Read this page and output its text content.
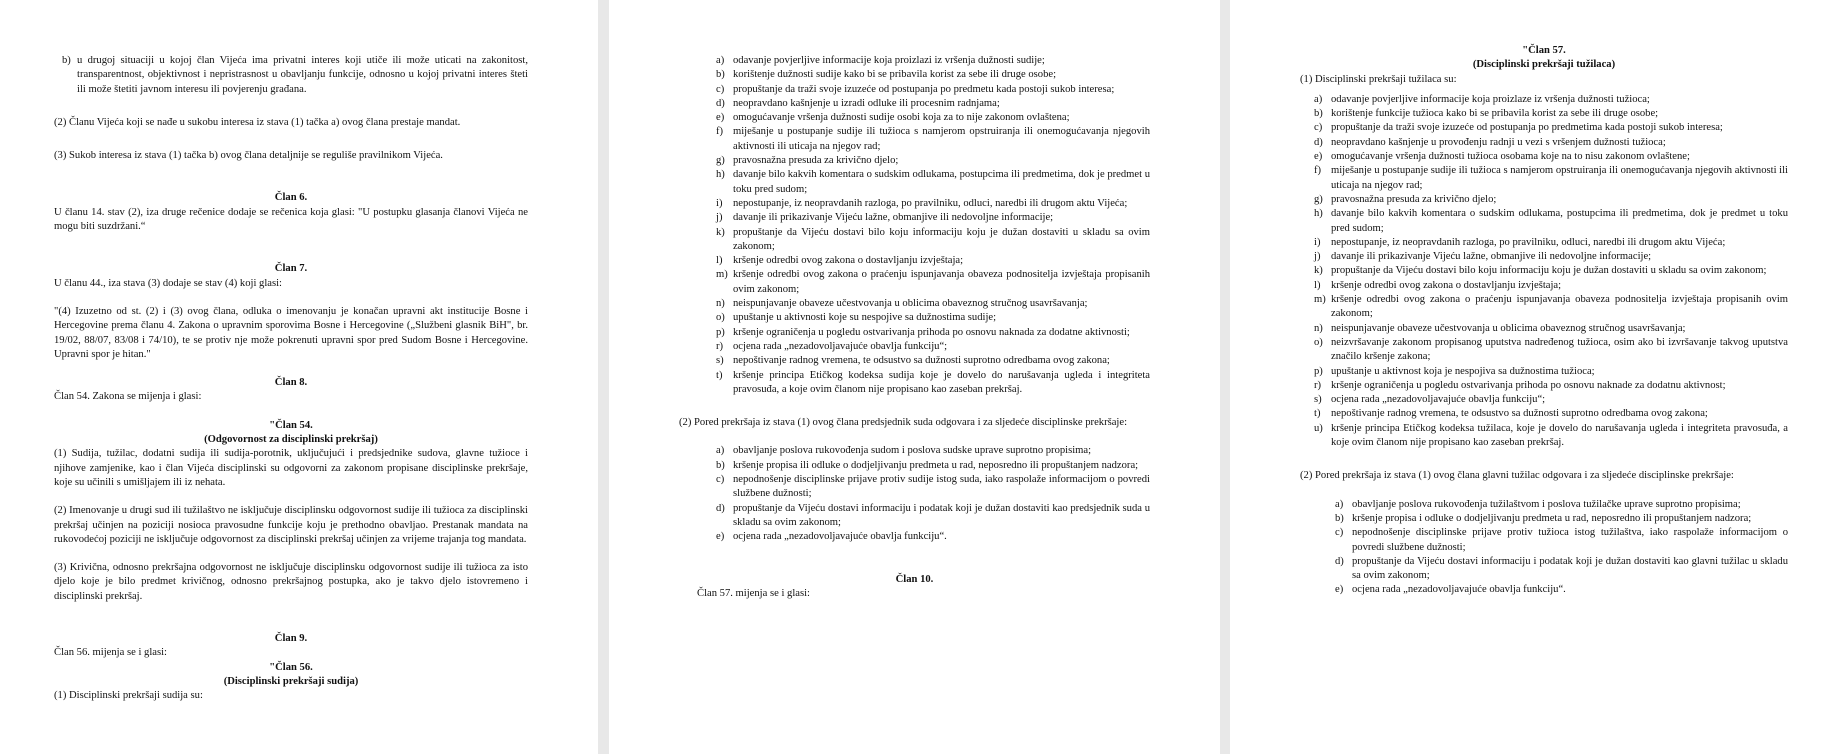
b) u drugoj situaciji u kojoj član Vijeća ima privatni interes koji utiče ili može uticati na zakonitost, transparentnost, objektivnost i nepristrasnost u obavljanju funkcije, odnosno u kojoj privatni interes šteti ili može štetiti javnom interesu ili povjerenju građana.

(2) Članu Vijeća koji se nađe u sukobu interesa iz stava (1) tačka a) ovog člana prestaje mandat.

(3) Sukob interesa iz stava (1) tačka b) ovog člana detaljnije se reguliše pravilnikom Vijeća.

Član 6.

U članu 14. stav (2), iza druge rečenice dodaje se rečenica koja glasi: "U postupku glasanja članovi Vijeća ne mogu biti suzdržani.“

Član 7.

U članu 44., iza stava (3) dodaje se stav (4) koji glasi:

"(4) Izuzetno od st. (2) i (3) ovog člana, odluka o imenovanju je konačan upravni akt institucije Bosne i Hercegovine prema članu 4. Zakona o upravnim sporovima Bosne i Hercegovine („Službeni glasnik BiH", br. 19/02, 88/07, 83/08 i 74/10), te se protiv nje može pokrenuti upravni spor pred Sudom Bosne i Hercegovine. Upravni spor je hitan."

Član 8.

Član 54. Zakona se mijenja i glasi:

"Član 54.

(Odgovornost za disciplinski prekršaj)

(1) Sudija, tužilac, dodatni sudija ili sudija-porotnik, uključujući i predsjednike sudova, glavne tužioce i njihove zamjenike, kao i član Vijeća disciplinski su odgovorni za zakonom propisane disciplinske prekršaje, koje su učinili s umišljajem ili iz nehata.

(2) Imenovanje u drugi sud ili tužilaštvo ne isključuje disciplinsku odgovornost sudije ili tužioca za disciplinski prekršaj učinjen na poziciji nosioca pravosudne funkcije koju je prethodno obavljao. Prestanak mandata na rukovodećoj poziciji ne isključuje odgovornost za disciplinski prekršaj učinjen za vrijeme trajanja tog mandata.

(3) Krivična, odnosno prekršajna odgovornost ne isključuje disciplinsku odgovornost sudije ili tužioca za isto djelo koje je bilo predmet krivičnog, odnosno prekršajnog postupka, ako je takvo djelo istovremeno i disciplinski prekršaj.

Član 9.

Član 56. mijenja se i glasi:

"Član 56.

(Disciplinski prekršaji sudija)

(1) Disciplinski prekršaji sudija su:

a) odavanje povjerljive informacije koja proizlazi iz vršenja dužnosti sudije;
b) korištenje dužnosti sudije kako bi se pribavila korist za sebe ili druge osobe;
c) propuštanje da traži svoje izuzeće od postupanja po predmetu kada postoji sukob interesa;
d) neopravdano kašnjenje u izradi odluke ili procesnim radnjama;
e) omogućavanje vršenja dužnosti sudije osobi koja za to nije zakonom ovlaštena;
f) miješanje u postupanje sudije ili tužioca s namjerom opstruiranja ili onemogućavanja njegovih aktivnosti ili uticaja na njegov rad;
g) pravosnažna presuda za krivično djelo;
h) davanje bilo kakvih komentara o sudskim odlukama, postupcima ili predmetima, dok je predmet u toku pred sudom;
i) nepostupanje, iz neopravdanih razloga, po pravilniku, odluci, naredbi ili drugom aktu Vijeća;
j) davanje ili prikazivanje Vijeću lažne, obmanjive ili nedovoljne informacije;
k) propuštanje da Vijeću dostavi bilo koju informaciju koju je dužan dostaviti u skladu sa ovim zakonom;
l) kršenje odredbi ovog zakona o dostavljanju izvještaja;
m) kršenje odredbi ovog zakona o praćenju ispunjavanja obaveza podnositelja izvještaja propisanih ovim zakonom;
n) neispunjavanje obaveze učestvovanja u oblicima obaveznog stručnog usavršavanja;
o) upuštanje u aktivnosti koje su nespojive sa dužnostima sudije;
p) kršenje ograničenja u pogledu ostvarivanja prihoda po osnovu naknada za dodatne aktivnosti;
r) ocjena rada „nezadovoljavajuće obavlja funkciju“;
s) nepoštivanje radnog vremena, te odsustvo sa dužnosti suprotno odredbama ovog zakona;
t) kršenje principa Etičkog kodeksa sudija koje je dovelo do narušavanja ugleda i integriteta pravosuđa, a koje ovim članom nije propisano kao zaseban prekršaj.

(2) Pored prekršaja iz stava (1) ovog člana predsjednik suda odgovara i za sljedeće disciplinske prekršaje:

a) obavljanje poslova rukovođenja sudom i poslova sudske uprave suprotno propisima;
b) kršenje propisa ili odluke o dodjeljivanju predmeta u rad, neposredno ili propuštanjem nadzora;
c) nepodnošenje disciplinske prijave protiv sudije istog suda, iako raspolaže informacijom o povredi službene dužnosti;
d) propuštanje da Vijeću dostavi informaciju i podatak koji je dužan dostaviti kao predsjednik suda u skladu sa ovim zakonom;
e) ocjena rada „nezadovoljavajuće obavlja funkciju“.

Član 10.

Član 57. mijenja se i glasi:

"Član 57.

(Disciplinski prekršaji tužilaca)

(1) Disciplinski prekršaji tužilaca su:

a) odavanje povjerljive informacije koja proizlaze iz vršenja dužnosti tužioca;
b) korištenje funkcije tužioca kako bi se pribavila korist za sebe ili druge osobe;
c) propuštanje da traži svoje izuzeće od postupanja po predmetima kada postoji sukob interesa;
d) neopravdano kašnjenje u provođenju radnji u vezi s vršenjem dužnosti tužioca;
e) omogućavanje vršenja dužnosti tužioca osobama koje na to nisu zakonom ovlaštene;
f) miješanje u postupanje sudije ili tužioca s namjerom opstruiranja ili onemogućavanja njegovih aktivnosti ili uticaja na njegov rad;
g) pravosnažna presuda za krivično djelo;
h) davanje bilo kakvih komentara o sudskim odlukama, postupcima ili predmetima, dok je predmet u toku pred sudom;
i) nepostupanje, iz neopravdanih razloga, po pravilniku, odluci, naredbi ili drugom aktu Vijeća;
j) davanje ili prikazivanje Vijeću lažne, obmanjive ili nedovoljne informacije;
k) propuštanje da Vijeću dostavi bilo koju informaciju koju je dužan dostaviti u skladu sa ovim zakonom;
l) kršenje odredbi ovog zakona o dostavljanju izvještaja;
m) kršenje odredbi ovog zakona o praćenju ispunjavanja obaveza podnositelja izvještaja propisanih ovim zakonom;
n) neispunjavanje obaveze učestvovanja u oblicima obaveznog stručnog usavršavanja;
o) neizvršavanje zakonom propisanog uputstva nadređenog tužioca, osim ako bi izvršavanje takvog uputstva značilo kršenje zakona;
p) upuštanje u aktivnost koja je nespojiva sa dužnostima tužioca;
r) kršenje ograničenja u pogledu ostvarivanja prihoda po osnovu naknade za dodatnu aktivnost;
s) ocjena rada „nezadovoljavajuće obavlja funkciju“;
t) nepoštivanje radnog vremena, te odsustvo sa dužnosti suprotno odredbama ovog zakona;
u) kršenje principa Etičkog kodeksa tužilaca, koje je dovelo do narušavanja ugleda i integriteta pravosuđa, a koje ovim članom nije propisano kao zaseban prekršaj.

(2) Pored prekršaja iz stava (1) ovog člana glavni tužilac odgovara i za sljedeće disciplinske prekršaje:

a) obavljanje poslova rukovođenja tužilaštvom i poslova tužilačke uprave suprotno propisima;
b) kršenje propisa i odluke o dodjeljivanju predmeta u rad, neposredno ili propuštanjem nadzora;
c) nepodnošenje disciplinske prijave protiv tužioca istog tužilaštva, iako raspolaže informacijom o povredi službene dužnosti;
d) propuštanje da Vijeću dostavi informaciju i podatak koji je dužan dostaviti kao glavni tužilac u skladu sa ovim zakonom;
e) ocjena rada „nezadovoljavajuće obavlja funkciju“.
